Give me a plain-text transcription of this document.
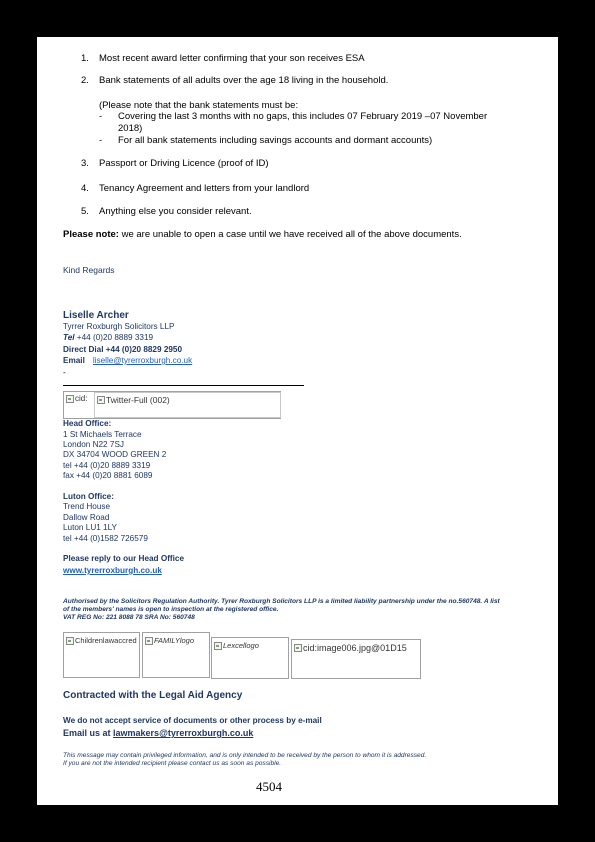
1. Most recent award letter confirming that your son receives ESA
2. Bank statements of all adults over the age 18 living in the household.
(Please note that the bank statements must be:
- Covering the last 3 months with no gaps, this includes 07 February 2019 –07 November
2018)
- For all bank statements including savings accounts and dormant accounts)
3. Passport or Driving Licence (proof of ID)
4. Tenancy Agreement and letters from your landlord
5. Anything else you consider relevant.
Please note: we are unable to open a case until we have received all of the above documents.
Kind Regards
Liselle Archer
Tyrrer Roxburgh Solicitors LLP
Tel +44 (0)20 8889 3319
Direct Dial +44 (0)20 8829 2950
Email liselle@tyrerroxburgh.co.uk
-
cid: Twitter-Full (002)
Head Office:
1 St Michaels Terrace
London N22 7SJ
DX 34704 WOOD GREEN 2
tel +44 (0)20 8889 3319
fax +44 (0)20 8881 6089
Luton Office:
Trend House
Dallow Road
Luton LU1 1LY
tel +44 (0)1582 726579
Please reply to our Head Office
www.tyrerroxburgh.co.uk
Authorised by the Solicitors Regulation Authority. Tyrer Roxburgh Solicitors LLP is a limited liability partnership under the no.560748. A list
of the members' names is open to inspection at the registered office.
VAT REG No: 221 8088 78 SRA No: 560748
Childrenlawaccred FAMILYlogo
Lexcellogo	cid:image006.jpg@01D15
Contracted with the Legal Aid Agency
We do not accept service of documents or other process by e-mail
Email us at lawmakers@tyrerroxburgh.co.uk
This message may contain privileged information, and is only intended to be received by the person to whom it is addressed.
If you are not the intended recipient please contact us as soon as possible.
4504
